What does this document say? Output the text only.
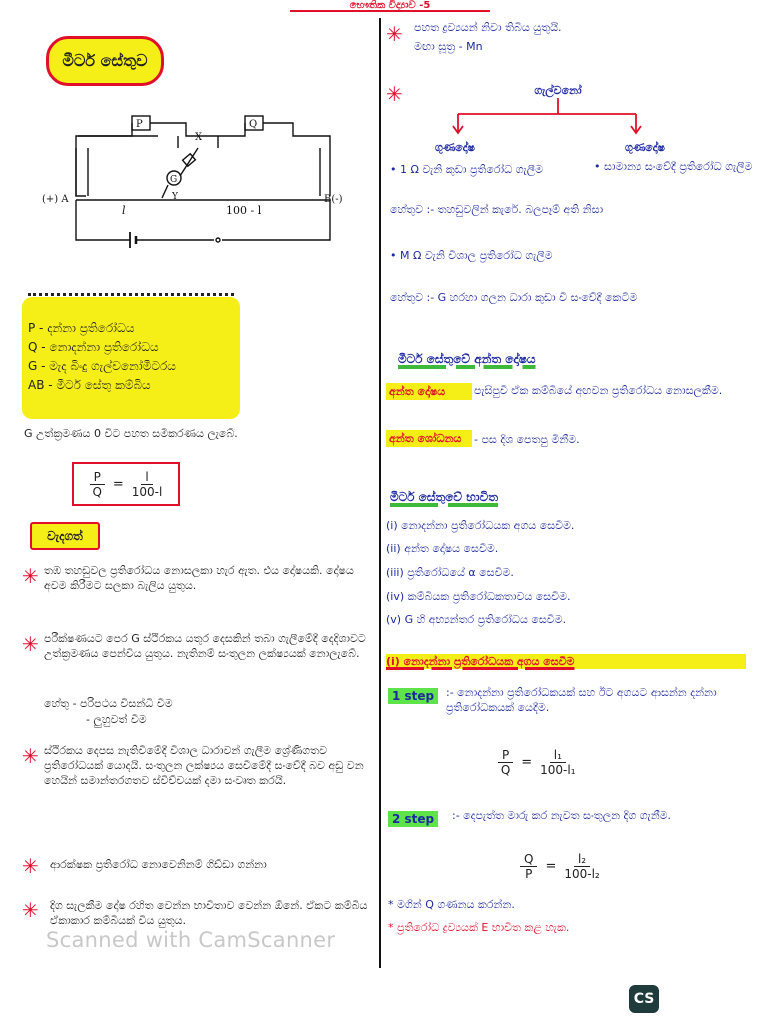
භෞතික විද්‍යාව -5
මීටර් සේතුව
P	Q
X
G
Y
(+) A	B(-)
l	100 - l
P - දන්නා ප්‍රතිරෝධය
Q - නොදන්නා ප්‍රතිරෝධය
G - මැද බිංදු ගැල්වනෝමීටරය
AB - මීටර් සේතු කම්බිය
G උත්ක්‍රමණය 0 විට පහත සමීකරණය ලැබේ.
$\frac{P}{Q} = \frac{l}{100-l}$
වැදගත්
✳ තඹ තහඩුවල ප්‍රතිරෝධය නොසලකා හැර ඇත. එය දෝෂයකි. දෝෂය අවම කිරීමට සලකා බැලිය යුතුය.
✳ පරීක්ෂණයට පෙර G ස්ථිරකය යතුර දෙසකින් තබා ගැලීමේදී දෙදිශාවට උත්ක්‍රමණය පෙන්විය යුතුය. නැතිනම් සංතුලන ලක්ෂ්‍යයක් නොලැබේ.
හේතු - පරිපථය විසන්ධි වීම
- ලුහුවත් වීම
✳ ස්ථිරකය දෙපස නැතිවීමේදී විශාල ධාරාවන් ගැලීම ශ්‍රේණිගතව ප්‍රතිරෝධයක් යොදයි. සංතුලන ලක්ෂ්‍යය සෙවීමේදී සංවේදී බව අඩු වන හෙයින් සමාන්තරගතව ස්විච්චයක් දමා සංවෘත කරයි.
✳ ආරක්ෂක ප්‍රතිරෝධ නොවෙනිනම් ගිඩ්ඩා ගන්නා
✳ දිග සැලකීම දෝෂ රහිත වෙන්න භාවිතාව වෙන්න ඕනේ. ඒකට කම්බිය ඒකාකාර කම්බියක් විය යුතුය.
✳ පහත ද්‍රව්‍යයන් නිවා තිබිය යුතුයි.
මඟා සූත්‍ර - Mn
✳	ගැල්වනෝ
ගුණදෝෂ	ගුණදෝෂ
• සාමාන්‍ය සංවේදී ප්‍රතිරෝධ ගැලීම
• 1 Ω වැනි කුඩා ප්‍රතිරෝධ ගැලීම
හේතුව :- තහඩුවලින් කැරේ. බලපෑම් අති නිසා
• M Ω වැනි විශාල ප්‍රතිරෝධ ගැලීම
හේතුව :- G හරහා ගලන ධාරා කුඩා වී සංවේදී කෙටීම
මීටර් සේතුවේ අන්ත දෝෂය
අන්ත දෝෂය	පැසිපුවී ඒක කම්බියේ අඟවන ප්‍රතිරෝධය නොසලකීම.
අන්ත ශෝධනය	- පස දිශ පෙතපු මිනීම.
මීටර් සේතුවේ භාවිත
(i) නොදන්නා ප්‍රතිරෝධයක අගය සෙවීම.
(ii) අන්ත දෝෂය සෙවීම.
(iii) ප්‍රතිරෝධයේ α සෙවීම.
(iv) කම්බියක ප්‍රතිරෝධකතාවය සෙවීම.
(v) G හි අභ්‍යන්තර ප්‍රතිරෝධය සෙවීම.
(i) නොදන්නා ප්‍රතිරෝධයක අගය සෙවීම
1 step	:- නොදන්නා ප්‍රතිරෝධකයක් සහ ඊට අගයට ආසන්න දන්නා ප්‍රතිරෝධකයක් යෙදීම.
$\frac{P}{Q} = \frac{\text{l₁}}{\text{100-l₁}}$
2 step	:- දෙපැත්ත මාරු කර නැවත සංතුලන දිග ගැනීම.
$\frac{Q}{P} = \frac{\text{l₂}}{\text{100-l₂}}$
* මගින් Q ගණනය කරන්න.
* ප්‍රතිරෝධ ද්‍රව්‍යයක් E භාවිත කළ හැක.
Scanned with CamScanner
CS
